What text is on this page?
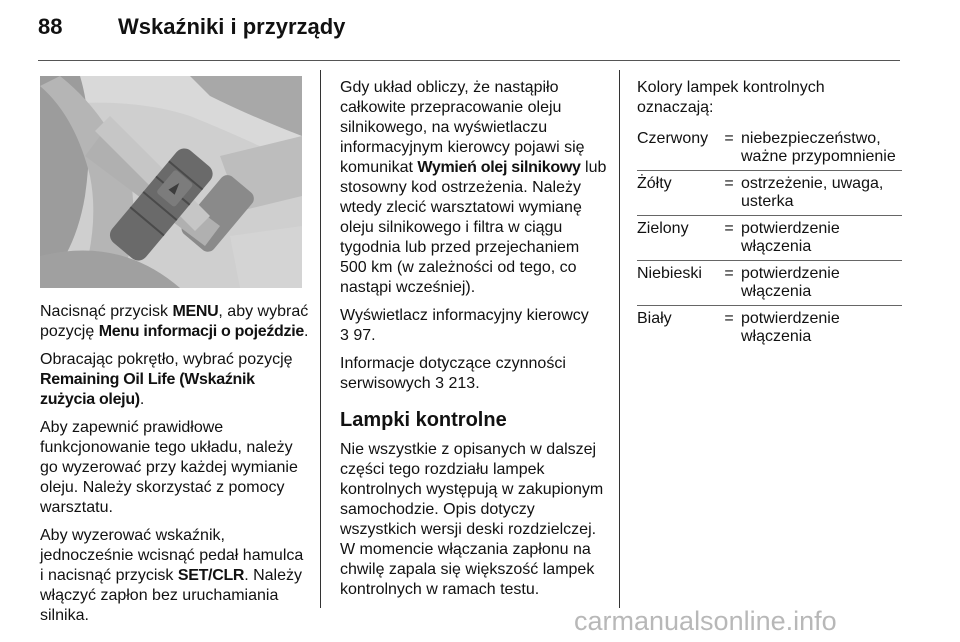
88	Wskaźniki i przyrządy

Nacisnąć przycisk MENU, aby wybrać pozycję Menu informacji o pojeździe.

Obracając pokrętło, wybrać pozycję Remaining Oil Life (Wskaźnik zużycia oleju).

Aby zapewnić prawidłowe funkcjonowanie tego układu, należy go wyzerować przy każdej wymianie oleju. Należy skorzystać z pomocy warsztatu.

Aby wyzerować wskaźnik, jednocześnie wcisnąć pedał hamulca i nacisnąć przycisk SET/CLR. Należy włączyć zapłon bez uruchamiania silnika.

Gdy układ obliczy, że nastąpiło całkowite przepracowanie oleju silnikowego, na wyświetlaczu informacyjnym kierowcy pojawi się komunikat Wymień olej silnikowy lub stosowny kod ostrzeżenia. Należy wtedy zlecić warsztatowi wymianę oleju silnikowego i filtra w ciągu tygodnia lub przed przejechaniem 500 km (w zależności od tego, co nastąpi wcześniej).

Wyświetlacz informacyjny kierowcy
3 97.

Informacje dotyczące czynności serwisowych 3 213.

Lampki kontrolne

Nie wszystkie z opisanych w dalszej części tego rozdziału lampek kontrolnych występują w zakupionym samochodzie. Opis dotyczy wszystkich wersji deski rozdzielczej. W momencie włączania zapłonu na chwilę zapala się większość lampek kontrolnych w ramach testu.

Kolory lampek kontrolnych oznaczają:
Czerwony	=	niebezpieczeństwo, ważne przypomnienie
Żółty	=	ostrzeżenie, uwaga, usterka
Zielony	=	potwierdzenie włączenia
Niebieski	=	potwierdzenie włączenia
Biały	=	potwierdzenie włączenia
carmanualsonline.info
